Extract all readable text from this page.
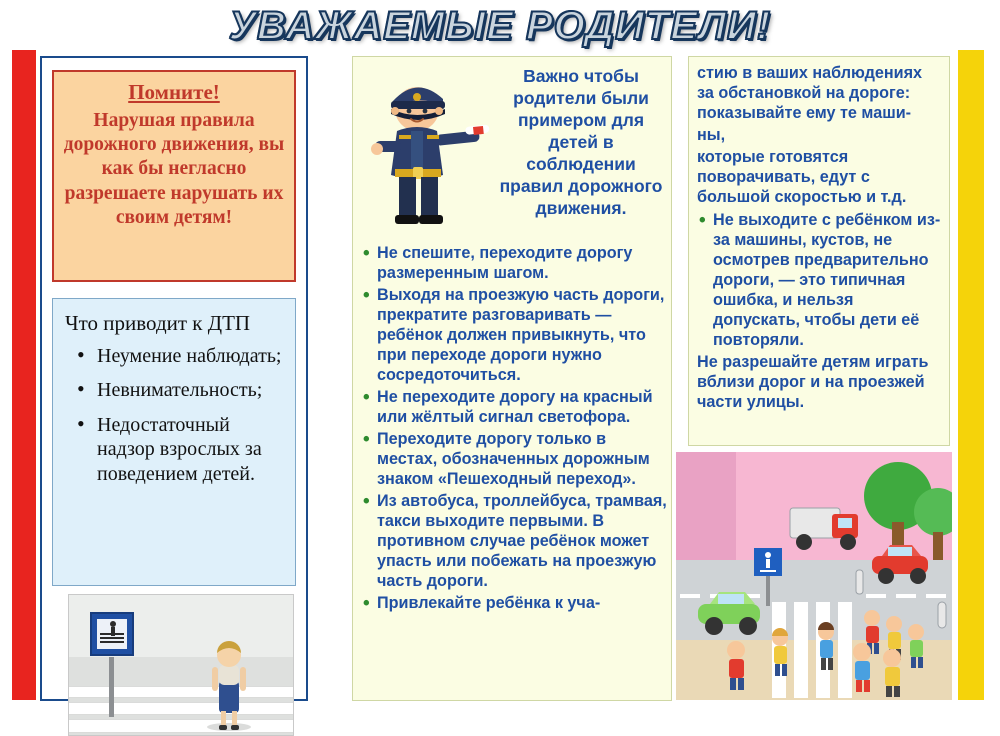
УВАЖАЕМЫЕ РОДИТЕЛИ!
Помните!
Нарушая правила дорожного движения, вы как бы негласно разрешаете нарушать их своим детям!
Что приводит к ДТП
• Неумение наблюдать;
• Невнимательность;
• Недостаточный надзор взрослых за поведением детей.
Важно чтобы родители были примером для детей в соблюдении правил дорожного движения.
• Не спешите, переходите дорогу размеренным шагом.
• Выходя на проезжую часть дороги, прекратите разговаривать — ребёнок должен привыкнуть, что при переходе дороги нужно сосредоточиться.
• Не переходите дорогу на красный или жёлтый сигнал светофора.
• Переходите дорогу только в местах, обозначенных дорожным знаком «Пешеходный переход».
• Из автобуса, троллейбуса, трамвая, такси выходите первыми. В противном случае ребёнок может упасть или побежать на проезжую часть дороги.
• Привлекайте ребёнка к уча-
стию в ваших наблюдениях за обстановкой на дороге: показывайте ему те маши-
ны,
которые готовятся поворачивать, едут с большой скоростью и т.д.
• Не выходите с ребёнком из-за машины, кустов, не осмотрев предварительно дороги, — это типичная ошибка, и нельзя допускать, чтобы дети её повторяли.
Не разрешайте детям играть вблизи дорог и на проезжей части улицы.
